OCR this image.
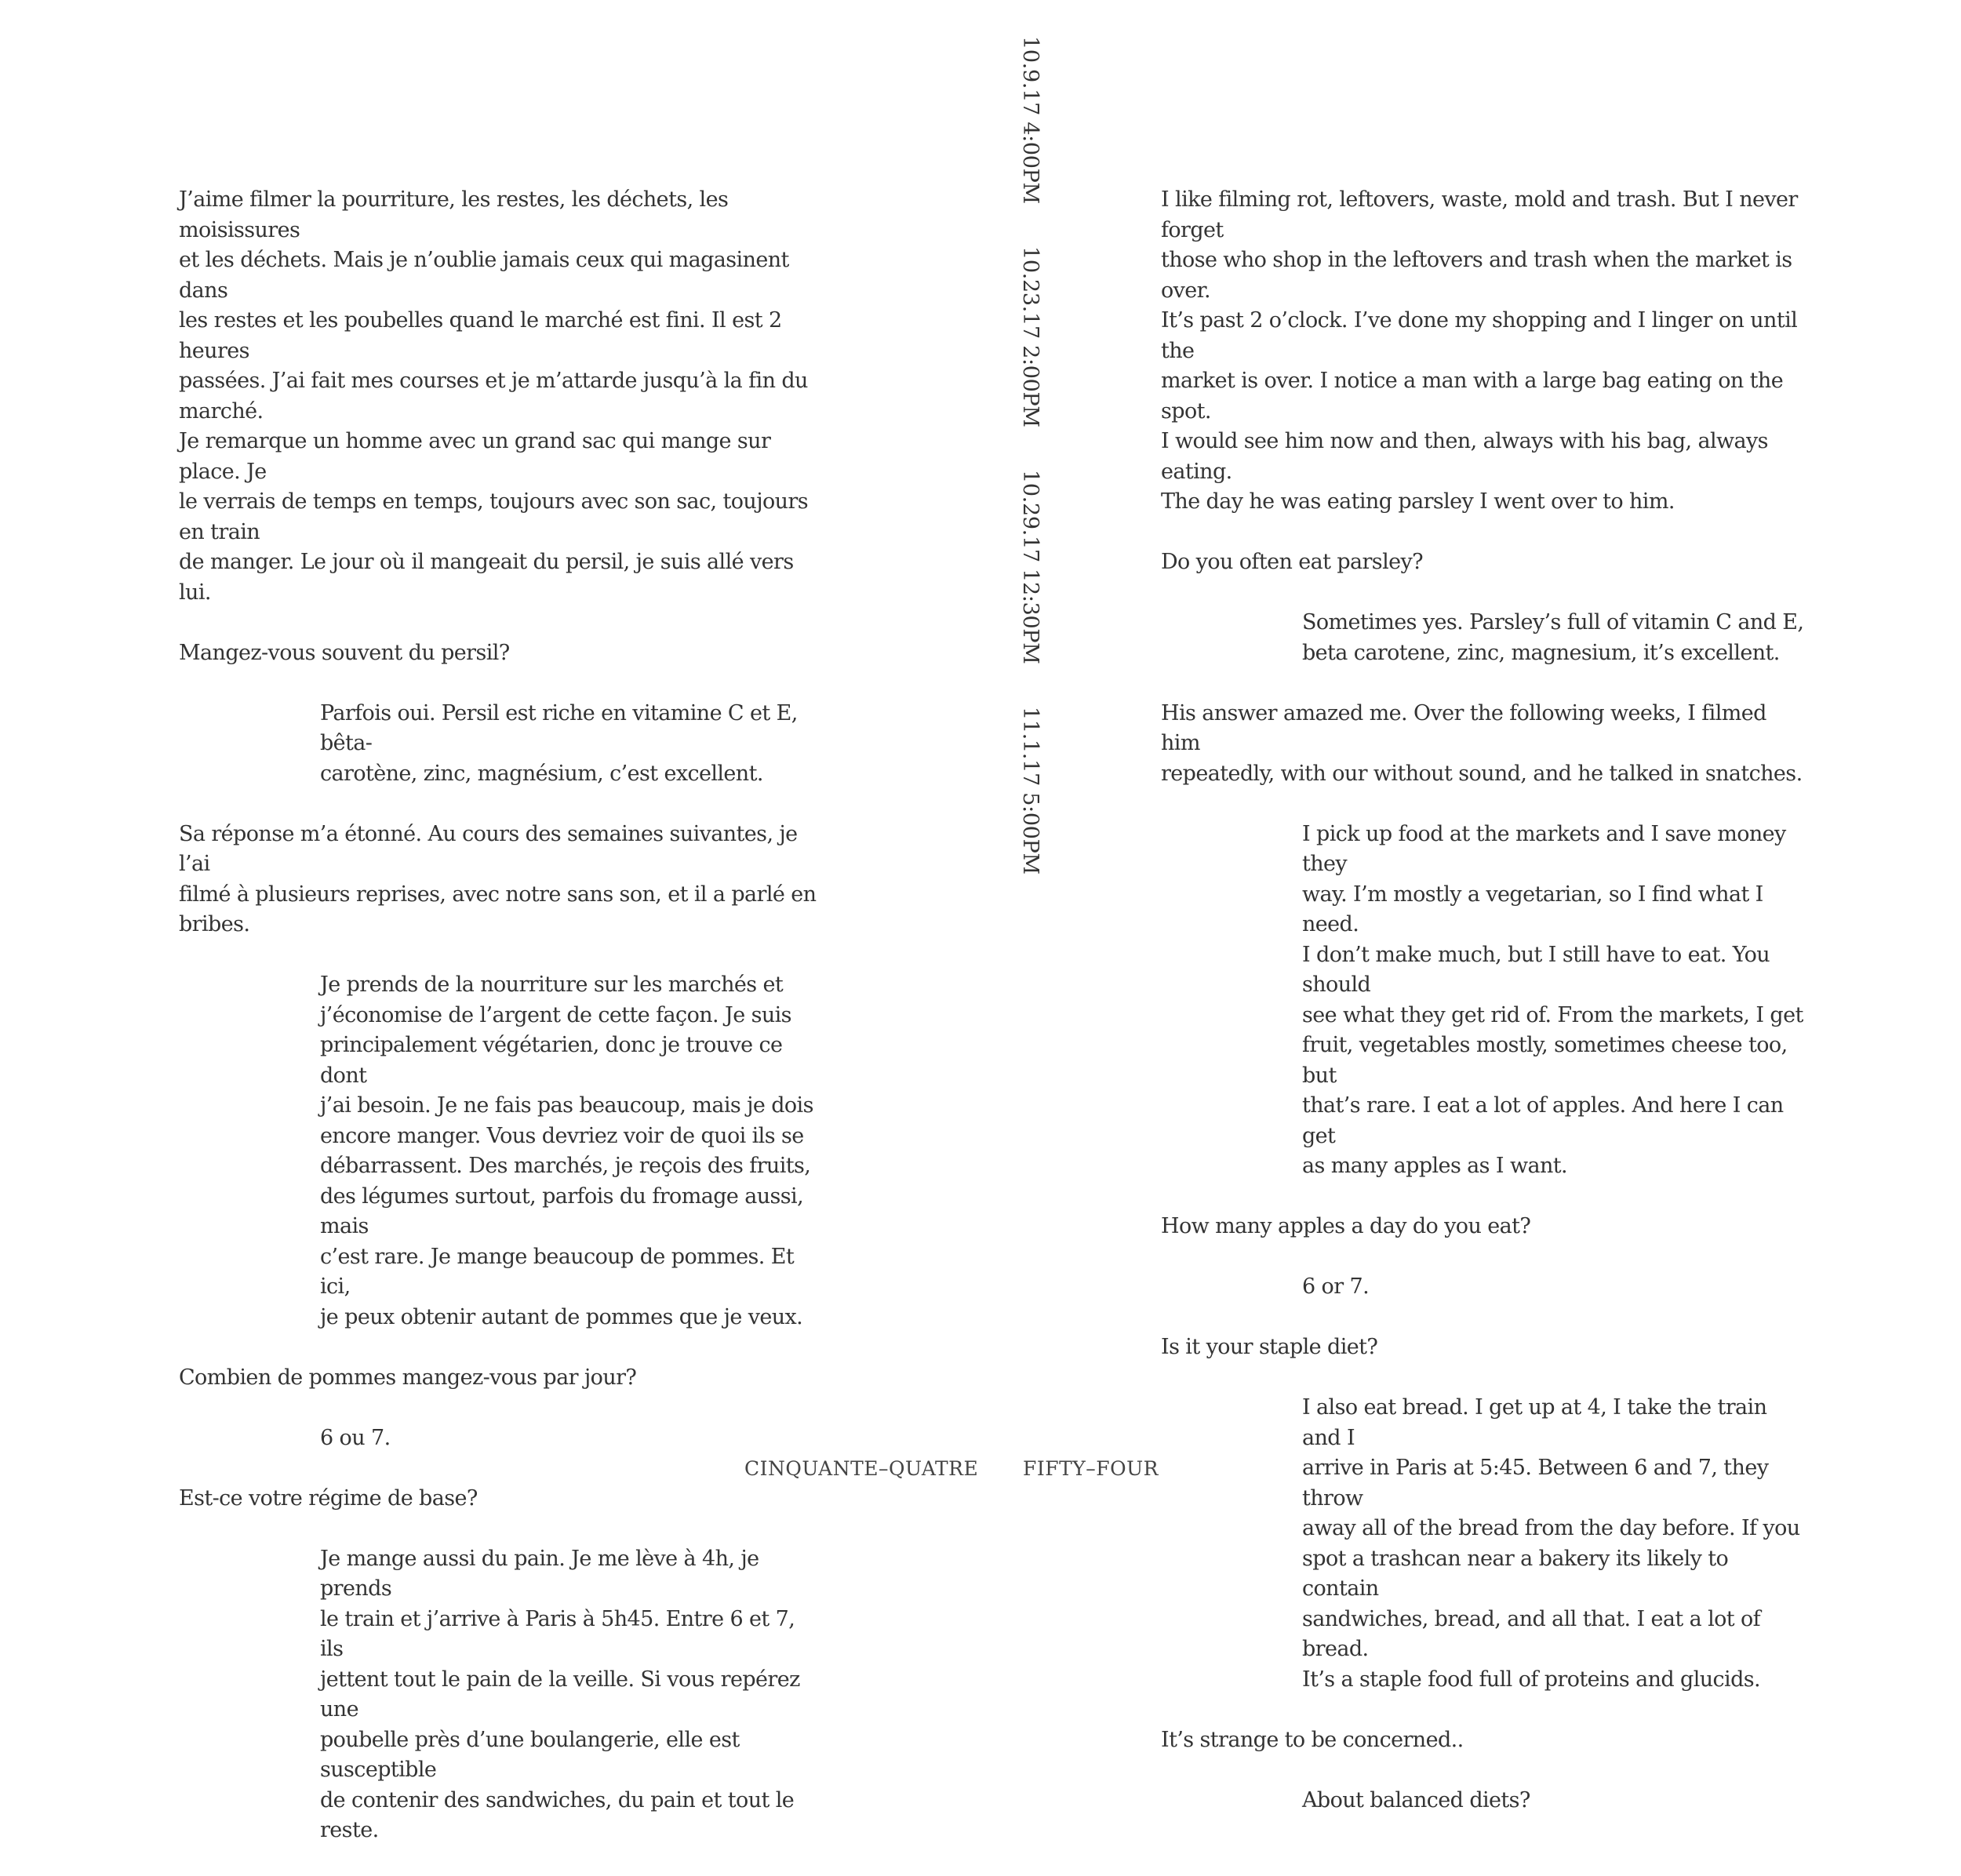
10.9.17 4:00PM 10.23.17 2:00PM 10.29.17 12:30PM 11.1.17 5:00PM
J’aime filmer la pourriture, les restes, les déchets, les moisissures
et les déchets. Mais je n’oublie jamais ceux qui magasinent dans
les restes et les poubelles quand le marché est fini. Il est 2 heures
passées. J’ai fait mes courses et je m’attarde jusqu’à la fin du marché.
Je remarque un homme avec un grand sac qui mange sur place. Je
le verrais de temps en temps, toujours avec son sac, toujours en train
de manger. Le jour où il mangeait du persil, je suis allé vers lui.
Mangez-vous souvent du persil?
Parfois oui. Persil est riche en vitamine C et E, bêta-
carotène, zinc, magnésium, c’est excellent.
Sa réponse m’a étonné. Au cours des semaines suivantes, je l’ai
filmé à plusieurs reprises, avec notre sans son, et il a parlé en bribes.
Je prends de la nourriture sur les marchés et
j’économise de l’argent de cette façon. Je suis
principalement végétarien, donc je trouve ce dont
j’ai besoin. Je ne fais pas beaucoup, mais je dois
encore manger. Vous devriez voir de quoi ils se
débarrassent. Des marchés, je reçois des fruits,
des légumes surtout, parfois du fromage aussi, mais
c’est rare. Je mange beaucoup de pommes. Et ici,
je peux obtenir autant de pommes que je veux.
Combien de pommes mangez-vous par jour?
6 ou 7.
Est-ce votre régime de base?
Je mange aussi du pain. Je me lève à 4h, je prends
le train et j’arrive à Paris à 5h45. Entre 6 et 7, ils
jettent tout le pain de la veille. Si vous repérez une
poubelle près d’une boulangerie, elle est susceptible
de contenir des sandwiches, du pain et tout le reste.
I like filming rot, leftovers, waste, mold and trash. But I never forget
those who shop in the leftovers and trash when the market is over.
It’s past 2 o’clock. I’ve done my shopping and I linger on until the
market is over. I notice a man with a large bag eating on the spot.
I would see him now and then, always with his bag, always eating.
The day he was eating parsley I went over to him.
Do you often eat parsley?
Sometimes yes. Parsley’s full of vitamin C and E,
beta carotene, zinc, magnesium, it’s excellent.
His answer amazed me. Over the following weeks, I filmed him
repeatedly, with our without sound, and he talked in snatches.
I pick up food at the markets and I save money they
way. I’m mostly a vegetarian, so I find what I need.
I don’t make much, but I still have to eat. You should
see what they get rid of. From the markets, I get
fruit, vegetables mostly, sometimes cheese too, but
that’s rare. I eat a lot of apples. And here I can get
as many apples as I want.
How many apples a day do you eat?
6 or 7.
Is it your staple diet?
I also eat bread. I get up at 4, I take the train and I
arrive in Paris at 5:45. Between 6 and 7, they throw
away all of the bread from the day before. If you
spot a trashcan near a bakery its likely to contain
sandwiches, bread, and all that. I eat a lot of bread.
It’s a staple food full of proteins and glucids.
It’s strange to be concerned..
About balanced diets?
CINQUANTE–QUATRE FIFTY–FOUR
